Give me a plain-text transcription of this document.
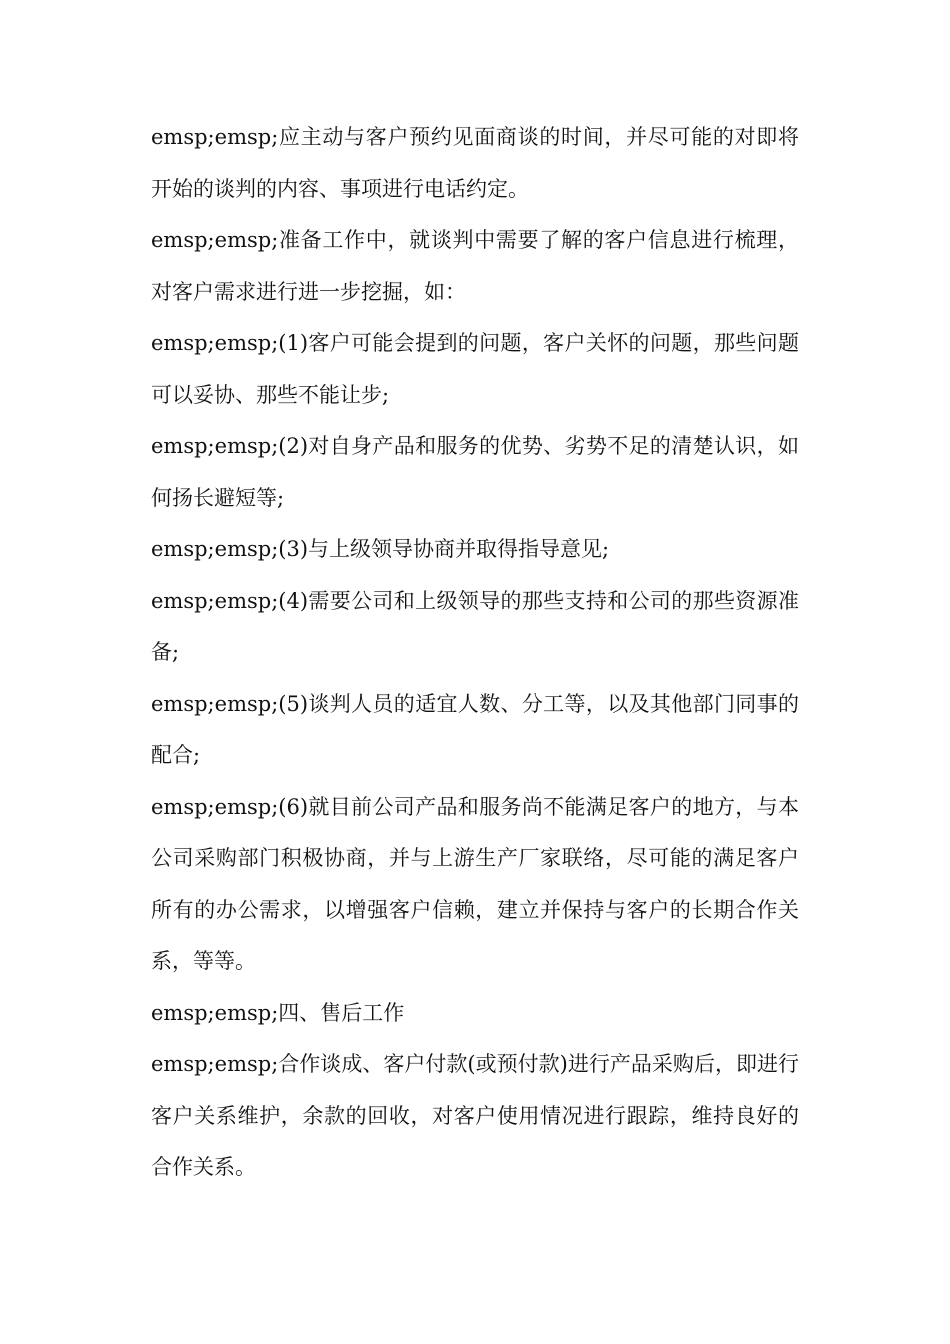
emsp;emsp;应主动与客户预约见面商谈的时间，并尽可能的对即将开始的谈判的内容、事项进行电话约定。

emsp;emsp;准备工作中，就谈判中需要了解的客户信息进行梳理，对客户需求进行进一步挖掘，如：

emsp;emsp;(1)客户可能会提到的问题，客户关怀的问题，那些问题可以妥协、那些不能让步;

emsp;emsp;(2)对自身产品和服务的优势、劣势不足的清楚认识，如何扬长避短等;

emsp;emsp;(3)与上级领导协商并取得指导意见;

emsp;emsp;(4)需要公司和上级领导的那些支持和公司的那些资源准备;

emsp;emsp;(5)谈判人员的适宜人数、分工等，以及其他部门同事的配合;

emsp;emsp;(6)就目前公司产品和服务尚不能满足客户的地方，与本公司采购部门积极协商，并与上游生产厂家联络，尽可能的满足客户所有的办公需求，以增强客户信赖，建立并保持与客户的长期合作关系，等等。

emsp;emsp;四、售后工作

emsp;emsp;合作谈成、客户付款(或预付款)进行产品采购后，即进行客户关系维护，余款的回收，对客户使用情况进行跟踪，维持良好的合作关系。
